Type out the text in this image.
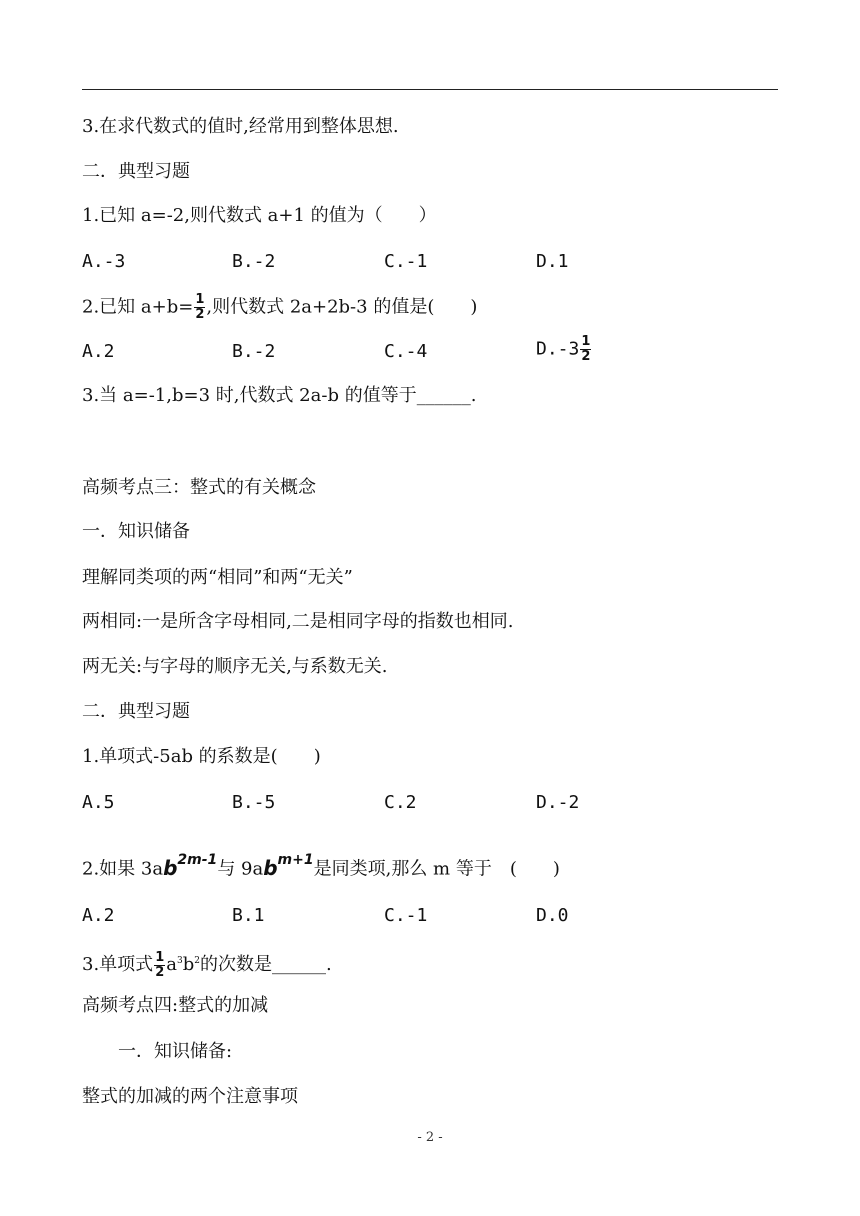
3.在求代数式的值时,经常用到整体思想.
二．典型习题
1.已知 a=-2,则代数式 a+1 的值为（　　）
A.-3	B.-2	C.-1	D.1
2.已知 $a+b= \frac{1}{2}$ ,则代数式 2a+2b-3 的值是(　　)
A.2	B.-2	C.-4	$D.-3 \frac{1}{2}$
3.当 a=-1,b=3 时,代数式 2a-b 的值等于______.
高频考点三：整式的有关概念
一．知识储备
理解同类项的两“相同”和两“无关”
两相同:一是所含字母相同,二是相同字母的指数也相同.
两无关:与字母的顺序无关,与系数无关.
二．典型习题
1.单项式-5ab 的系数是(　　)
A.5	B.-5	C.2	D.-2
2.如果 $3ab^{2m-1}$与 $9ab^{m+1}$是同类项,那么 m 等于　(　　)
A.2	B.1	C.-1	D.0
3.单项式 $\frac{1}{2} a^3b^2$的次数是______.
高频考点四:整式的加减
一．知识储备:
整式的加减的两个注意事项
- 2 -
